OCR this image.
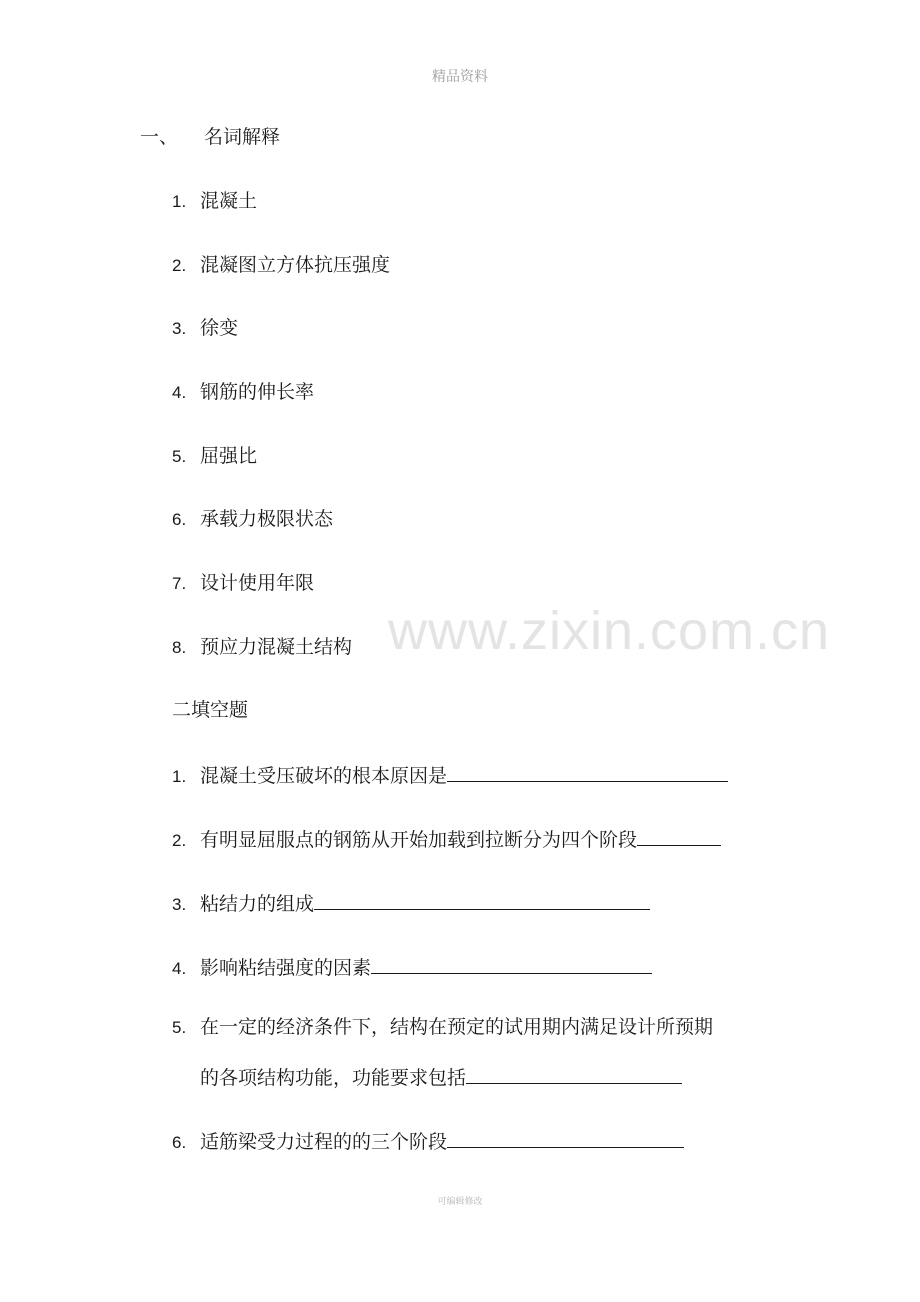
精品资料
一、 名词解释
1. 混凝土
2. 混凝图立方体抗压强度
3. 徐变
4. 钢筋的伸长率
5. 屈强比
6. 承载力极限状态
7. 设计使用年限
8. 预应力混凝土结构 www.zixin.com.cn
二填空题
1. 混凝土受压破坏的根本原因是
2. 有明显屈服点的钢筋从开始加载到拉断分为四个阶段
3. 粘结力的组成
4. 影响粘结强度的因素
5. 在一定的经济条件下，结构在预定的试用期内满足设计所预期
的各项结构功能，功能要求包括
6. 适筋梁受力过程的的三个阶段
可编辑修改
